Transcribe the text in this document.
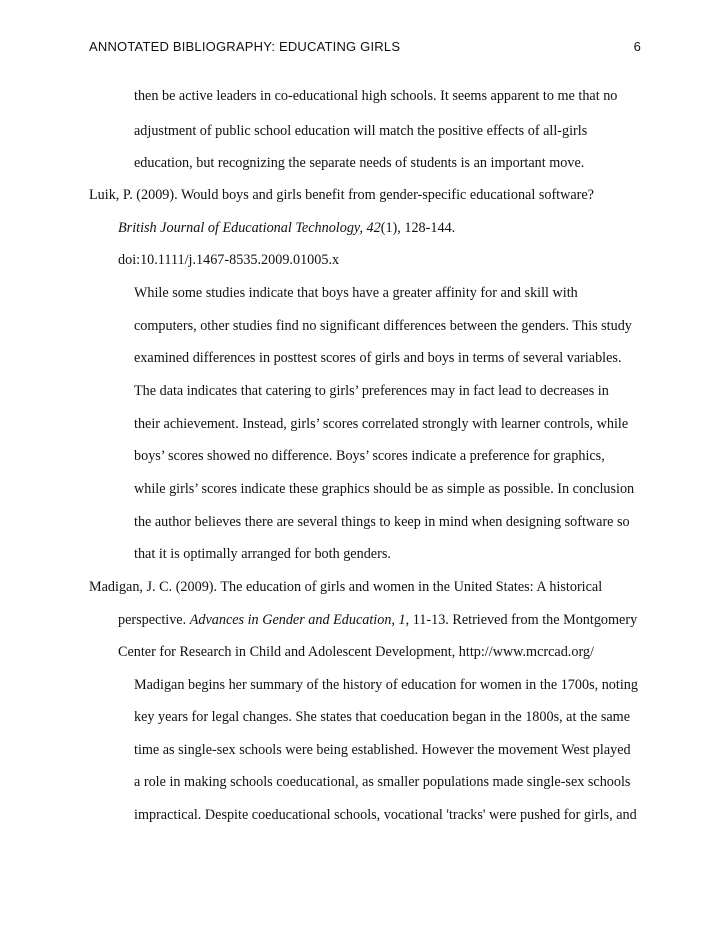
ANNOTATED BIBLIOGRAPHY: EDUCATING GIRLS	6
then be active leaders in co-educational high schools. It seems apparent to me that no
adjustment of public school education will match the positive effects of all-girls
education, but recognizing the separate needs of students is an important move.
Luik, P. (2009). Would boys and girls benefit from gender-specific educational software?
British Journal of Educational Technology, 42(1), 128-144.
doi:10.1111/j.1467-8535.2009.01005.x
While some studies indicate that boys have a greater affinity for and skill with
computers, other studies find no significant differences between the genders. This study
examined differences in posttest scores of girls and boys in terms of several variables.
The data indicates that catering to girls’ preferences may in fact lead to decreases in
their achievement. Instead, girls’ scores correlated strongly with learner controls, while
boys’ scores showed no difference. Boys’ scores indicate a preference for graphics,
while girls’ scores indicate these graphics should be as simple as possible. In conclusion
the author believes there are several things to keep in mind when designing software so
that it is optimally arranged for both genders.
Madigan, J. C. (2009). The education of girls and women in the United States: A historical
perspective. Advances in Gender and Education, 1, 11-13. Retrieved from the Montgomery
Center for Research in Child and Adolescent Development, http://www.mcrcad.org/
Madigan begins her summary of the history of education for women in the 1700s, noting
key years for legal changes. She states that coeducation began in the 1800s, at the same
time as single-sex schools were being established. However the movement West played
a role in making schools coeducational, as smaller populations made single-sex schools
impractical. Despite coeducational schools, vocational 'tracks' were pushed for girls, and
